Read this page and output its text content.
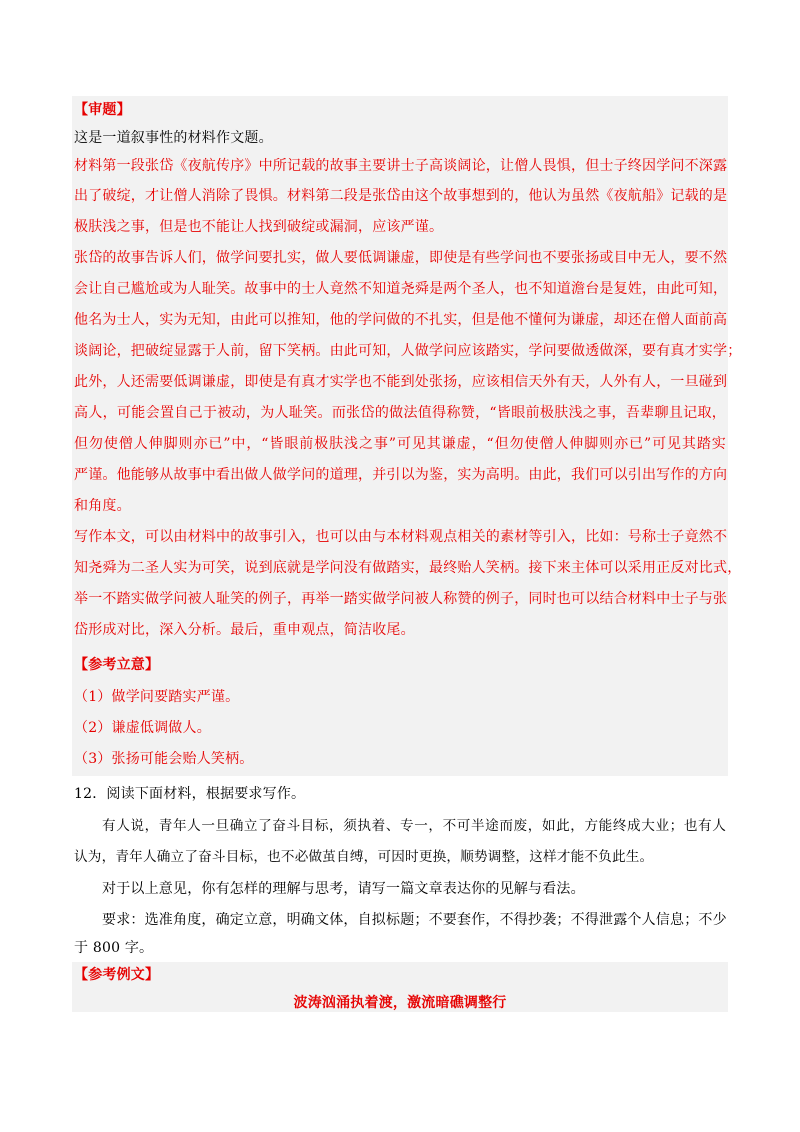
【审题】
这是一道叙事性的材料作文题。
材料第一段张岱《夜航传序》中所记载的故事主要讲士子高谈阔论，让僧人畏惧，但士子终因学问不深露
出了破绽，才让僧人消除了畏惧。材料第二段是张岱由这个故事想到的，他认为虽然《夜航船》记载的是
极肤浅之事，但是也不能让人找到破绽或漏洞，应该严谨。
张岱的故事告诉人们，做学问要扎实，做人要低调谦虚，即使是有些学问也不要张扬或目中无人，要不然
会让自己尴尬或为人耻笑。故事中的士人竟然不知道尧舜是两个圣人，也不知道澹台是复姓，由此可知，
他名为士人，实为无知，由此可以推知，他的学问做的不扎实，但是他不懂何为谦虚，却还在僧人面前高
谈阔论，把破绽显露于人前，留下笑柄。由此可知，人做学问应该踏实，学问要做透做深，要有真才实学；
此外，人还需要低调谦虚，即使是有真才实学也不能到处张扬，应该相信天外有天，人外有人，一旦碰到
高人，可能会置自己于被动，为人耻笑。而张岱的做法值得称赞，“皆眼前极肤浅之事，吾辈聊且记取，
但勿使僧人伸脚则亦已”中，“皆眼前极肤浅之事”可见其谦虚，“但勿使僧人伸脚则亦已”可见其踏实
严谨。他能够从故事中看出做人做学问的道理，并引以为鉴，实为高明。由此，我们可以引出写作的方向
和角度。
写作本文，可以由材料中的故事引入，也可以由与本材料观点相关的素材等引入，比如：号称士子竟然不
知尧舜为二圣人实为可笑，说到底就是学问没有做踏实，最终贻人笑柄。接下来主体可以采用正反对比式，
举一不踏实做学问被人耻笑的例子，再举一踏实做学问被人称赞的例子，同时也可以结合材料中士子与张
岱形成对比，深入分析。最后，重申观点，简洁收尾。
【参考立意】
（1）做学问要踏实严谨。
（2）谦虚低调做人。
（3）张扬可能会贻人笑柄。
12．阅读下面材料，根据要求写作。
有人说，青年人一旦确立了奋斗目标，须执着、专一，不可半途而废，如此，方能终成大业；也有人
认为，青年人确立了奋斗目标，也不必做茧自缚，可因时更换，顺势调整，这样才能不负此生。
对于以上意见，你有怎样的理解与思考，请写一篇文章表达你的见解与看法。
要求：选准角度，确定立意，明确文体，自拟标题；不要套作，不得抄袭；不得泄露个人信息；不少
于 800 字。
【参考例文】
波涛汹涌执着渡，激流暗礁调整行
